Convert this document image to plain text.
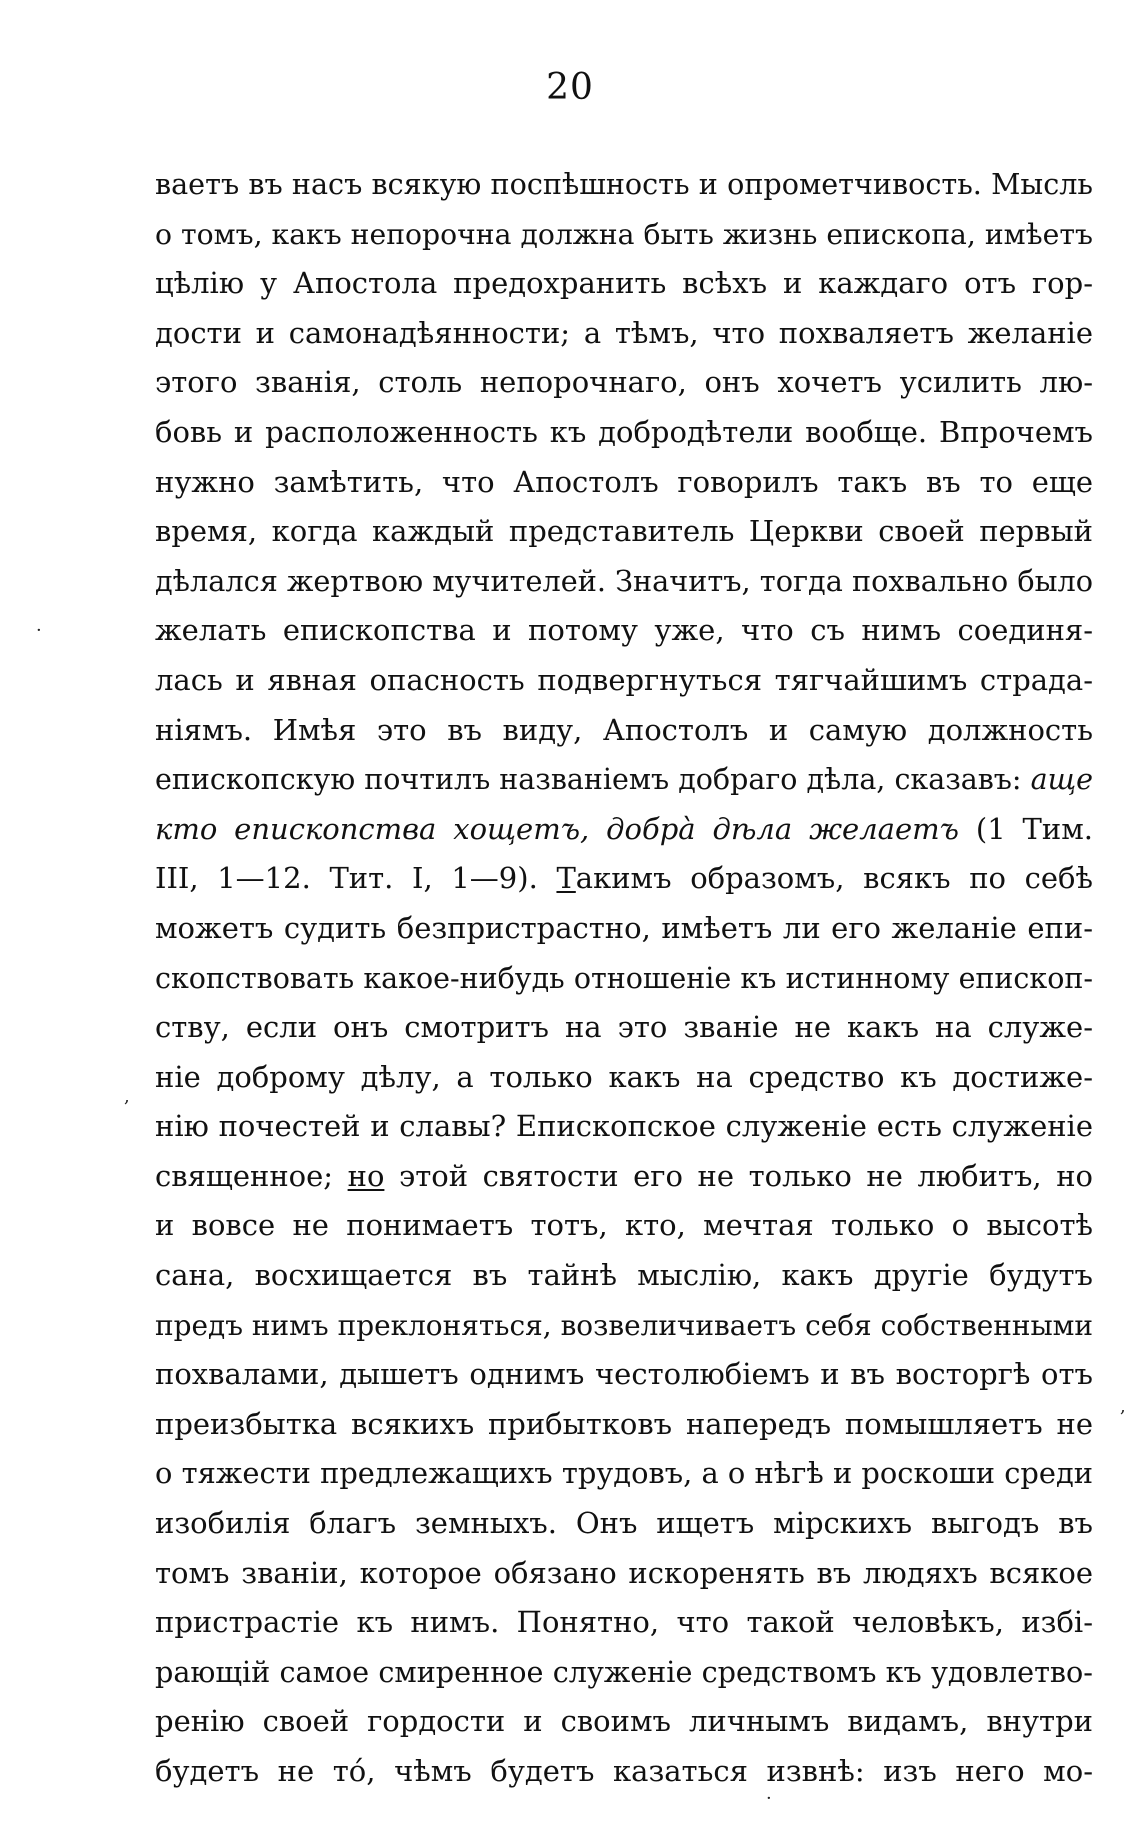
20
ваетъ въ насъ всякую поспѣшность и опрометчивость. Мысль
о томъ, какъ непорочна должна быть жизнь епископа, имѣетъ
цѣлію у Апостола предохранить всѣхъ и каждаго отъ гор-
дости и самонадѣянности; а тѣмъ, что похваляетъ желаніе
этого званія, столь непорочнаго, онъ хочетъ усилить лю-
бовь и расположенность къ добродѣтели вообще. Впрочемъ
нужно замѣтить, что Апостолъ говорилъ такъ въ то еще
время, когда каждый представитель Церкви своей первый
дѣлался жертвою мучителей. Значитъ, тогда похвально было
желать епископства и потому уже, что съ нимъ соединя-
лась и явная опасность подвергнуться тягчайшимъ страда-
ніямъ. Имѣя это въ виду, Апостолъ и самую должность
епископскую почтилъ названіемъ добраго дѣла, сказавъ: аще
кто епископства хощетъ, добрà дѣла желаетъ (1 Тим.
III, 1—12. Тит. I, 1—9). Такимъ образомъ, всякъ по себѣ
можетъ судить безпристрастно, имѣетъ ли его желаніе епи-
скопствовать какое-нибудь отношеніе къ истинному епископ-
ству, если онъ смотритъ на это званіе не какъ на служе-
ніе доброму дѣлу, а только какъ на средство къ достиже-
нію почестей и славы? Епископское служеніе есть служеніе
священное; но этой святости его не только не любитъ, но
и вовсе не понимаетъ тотъ, кто, мечтая только о высотѣ
сана, восхищается въ тайнѣ мыслію, какъ другіе будутъ
предъ нимъ преклоняться, возвеличиваетъ себя собственными
похвалами, дышетъ однимъ честолюбіемъ и въ восторгѣ отъ
преизбытка всякихъ прибытковъ напередъ помышляетъ не
о тяжести предлежащихъ трудовъ, а о нѣгѣ и роскоши среди
изобилія благъ земныхъ. Онъ ищетъ мірскихъ выгодъ въ
томъ званіи, которое обязано искоренять въ людяхъ всякое
пристрастіе къ нимъ. Понятно, что такой человѣкъ, избі-
рающій самое смиренное служеніе средствомъ къ удовлетво-
ренію своей гордости и своимъ личнымъ видамъ, внутри
будетъ не тó, чѣмъ будетъ казаться извнѣ: изъ него мо-
·
,
,
·
